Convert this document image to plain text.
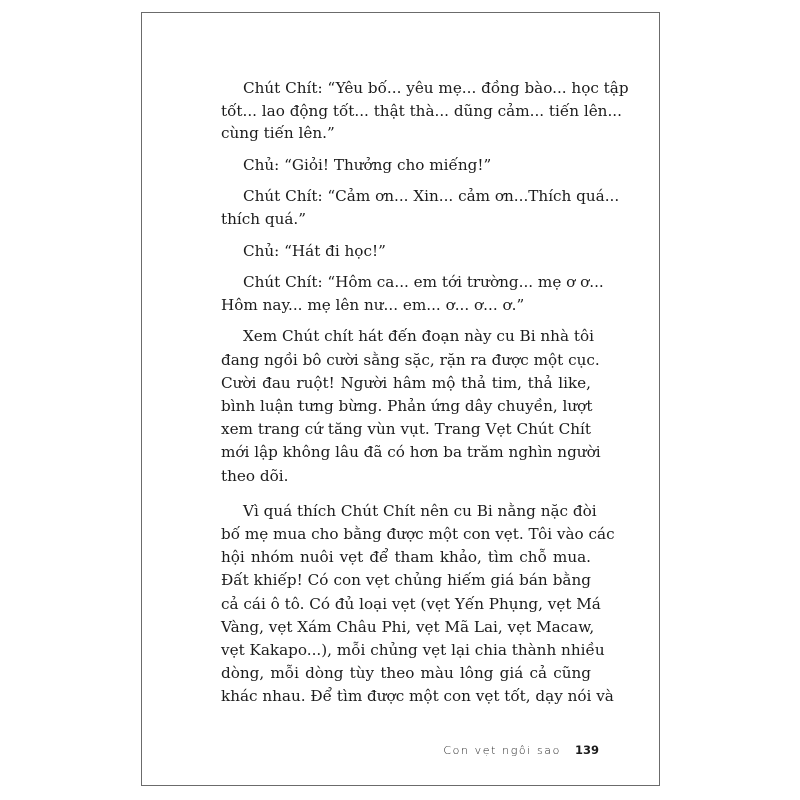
Chút Chít: “Yêu bố... yêu mẹ... đồng bào... học tập
tốt... lao động tốt... thật thà... dũng cảm... tiến lên...
cùng tiến lên.”

Chủ: “Giỏi! Thưởng cho miếng!”

Chút Chít: “Cảm ơn... Xin... cảm ơn...Thích quá...
thích quá.”

Chủ: “Hát đi học!”

Chút Chít: “Hôm ca... em tới trường... mẹ ơ ơ...
Hôm nay... mẹ lên nư... em... ơ... ơ... ơ.”

Xem Chút chít hát đến đoạn này cu Bi nhà tôi
đang ngồi bô cười sằng sặc, rặn ra được một cục.
Cười đau ruột! Người hâm mộ thả tim, thả like,
bình luận tưng bừng. Phản ứng dây chuyền, lượt
xem trang cứ tăng vùn vụt. Trang Vẹt Chút Chít
mới lập không lâu đã có hơn ba trăm nghìn người
theo dõi.

Vì quá thích Chút Chít nên cu Bi nằng nặc đòi
bố mẹ mua cho bằng được một con vẹt. Tôi vào các
hội nhóm nuôi vẹt để tham khảo, tìm chỗ mua.
Đất khiếp! Có con vẹt chủng hiếm giá bán bằng
cả cái ô tô. Có đủ loại vẹt (vẹt Yến Phụng, vẹt Má
Vàng, vẹt Xám Châu Phi, vẹt Mã Lai, vẹt Macaw,
vẹt Kakapo...), mỗi chủng vẹt lại chia thành nhiều
dòng, mỗi dòng tùy theo màu lông giá cả cũng
khác nhau. Để tìm được một con vẹt tốt, dạy nói và

Con vẹt ngôi sao 139
